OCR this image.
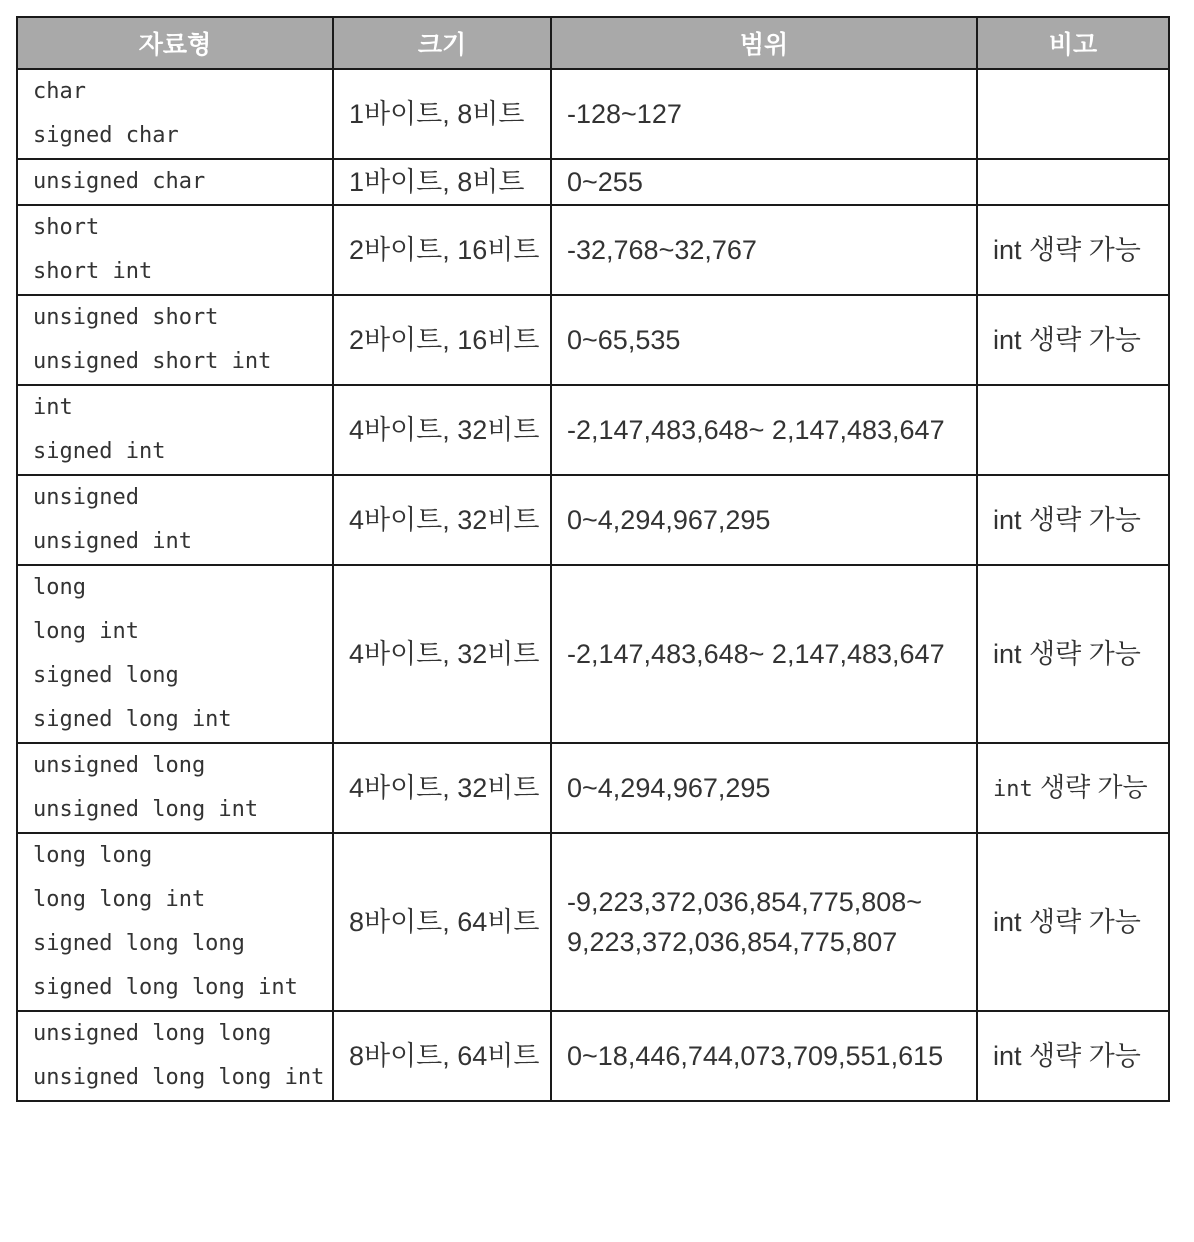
자료형	크기	범위	비고

char
signed char	1바이트, 8비트	-128~127	

unsigned char	1바이트, 8비트	0~255	

short
short int	2바이트, 16비트	-32,768~32,767	int 생략 가능

unsigned short
unsigned short int	2바이트, 16비트	0~65,535	int 생략 가능

int
signed int	4바이트, 32비트	-2,147,483,648~ 2,147,483,647	

unsigned
unsigned int	4바이트, 32비트	0~4,294,967,295	int 생략 가능

long
long int
signed long
signed long int	4바이트, 32비트	-2,147,483,648~ 2,147,483,647	int 생략 가능

unsigned long
unsigned long int	4바이트, 32비트	0~4,294,967,295	int 생략 가능

long long
long long int
signed long long
signed long long int	8바이트, 64비트	-9,223,372,036,854,775,808~
9,223,372,036,854,775,807	int 생략 가능

unsigned long long
unsigned long long int	8바이트, 64비트	0~18,446,744,073,709,551,615	int 생략 가능
